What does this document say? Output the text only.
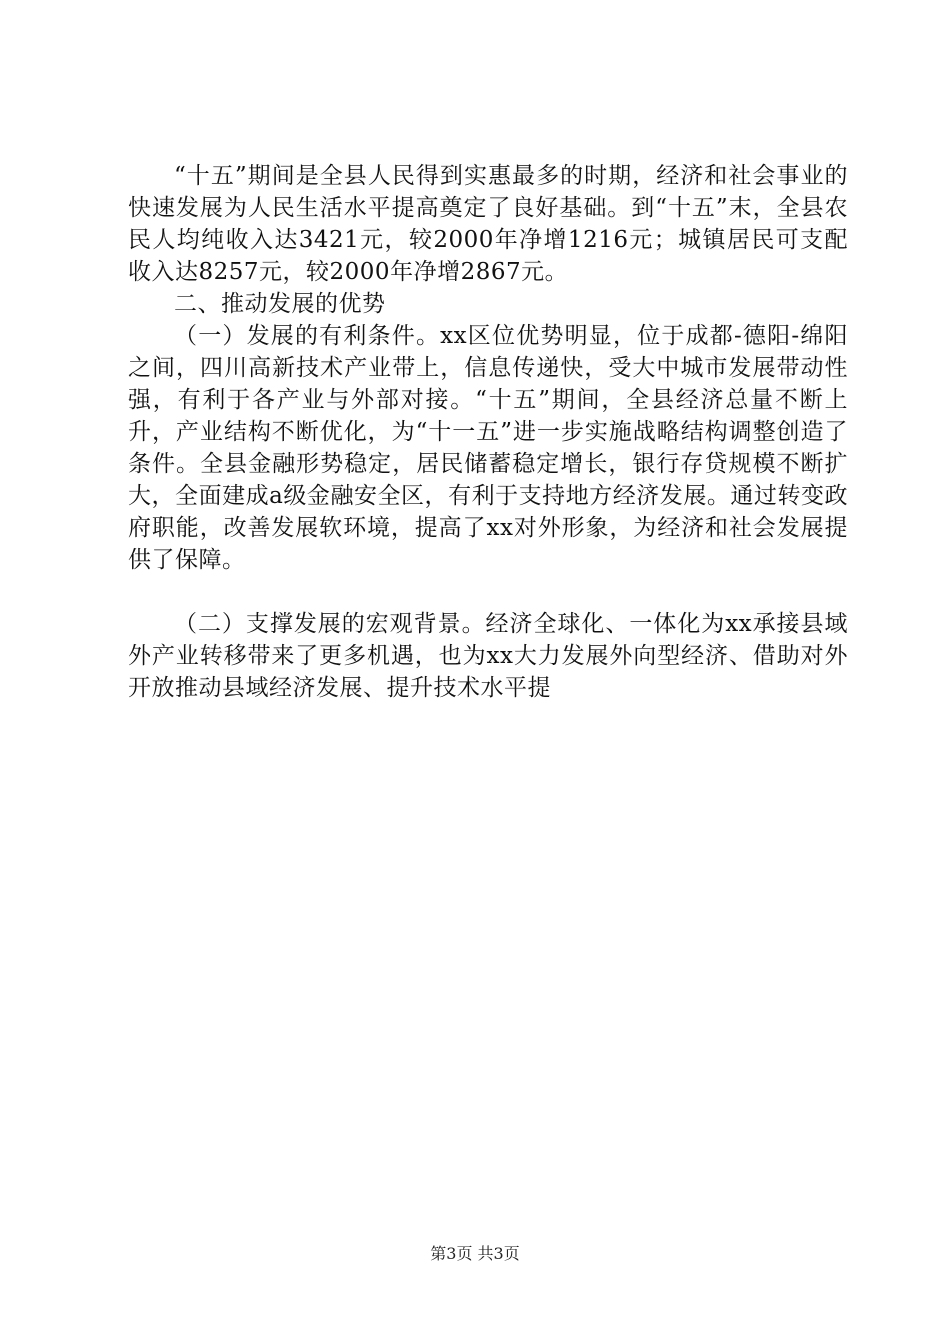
“十五”期间是全县人民得到实惠最多的时期，经济和社会事业的快速发展为人民生活水平提高奠定了良好基础。到“十五”末，全县农民人均纯收入达3421元，较2000年净增1216元；城镇居民可支配收入达8257元，较2000年净增2867元。

二、推动发展的优势

（一）发展的有利条件。xx区位优势明显，位于成都-德阳-绵阳之间，四川高新技术产业带上，信息传递快，受大中城市发展带动性强，有利于各产业与外部对接。“十五”期间，全县经济总量不断上升，产业结构不断优化，为“十一五”进一步实施战略结构调整创造了条件。全县金融形势稳定，居民储蓄稳定增长，银行存贷规模不断扩大，全面建成a级金融安全区，有利于支持地方经济发展。通过转变政府职能，改善发展软环境，提高了xx对外形象，为经济和社会发展提供了保障。

（二）支撑发展的宏观背景。经济全球化、一体化为xx承接县域外产业转移带来了更多机遇，也为xx大力发展外向型经济、借助对外开放推动县域经济发展、提升技术水平提

第3页 共3页
